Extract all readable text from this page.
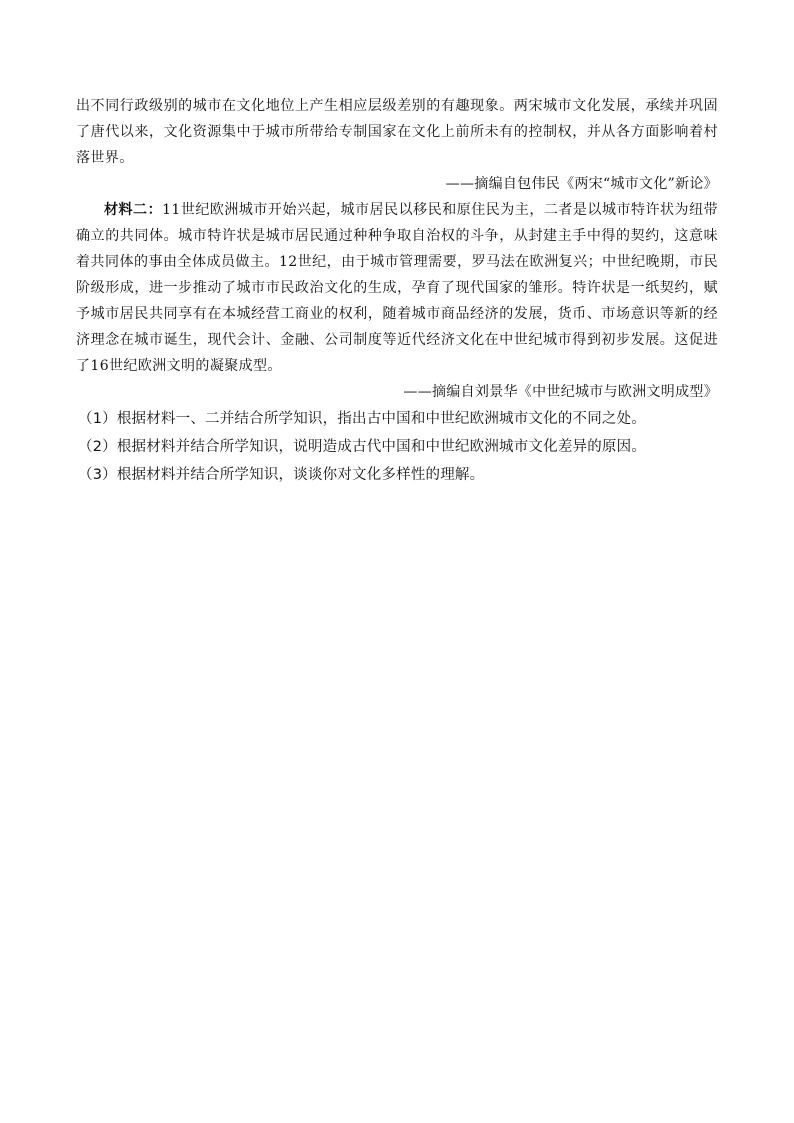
出不同行政级别的城市在文化地位上产生相应层级差别的有趣现象。两宋城市文化发展，承续并巩固了唐代以来，文化资源集中于城市所带给专制国家在文化上前所未有的控制权，并从各方面影响着村落世界。

——摘编自包伟民《两宋“城市文化”新论》

材料二：11世纪欧洲城市开始兴起，城市居民以移民和原住民为主，二者是以城市特许状为纽带确立的共同体。城市特许状是城市居民通过种种争取自治权的斗争，从封建主手中得的契约，这意味着共同体的事由全体成员做主。12世纪，由于城市管理需要，罗马法在欧洲复兴；中世纪晚期，市民阶级形成，进一步推动了城市市民政治文化的生成，孕育了现代国家的雏形。特许状是一纸契约，赋予城市居民共同享有在本城经营工商业的权利，随着城市商品经济的发展，货币、市场意识等新的经济理念在城市诞生，现代会计、金融、公司制度等近代经济文化在中世纪城市得到初步发展。这促进了16世纪欧洲文明的凝聚成型。

——摘编自刘景华《中世纪城市与欧洲文明成型》

（1）根据材料一、二并结合所学知识，指出古中国和中世纪欧洲城市文化的不同之处。

（2）根据材料并结合所学知识，说明造成古代中国和中世纪欧洲城市文化差异的原因。

（3）根据材料并结合所学知识，谈谈你对文化多样性的理解。
